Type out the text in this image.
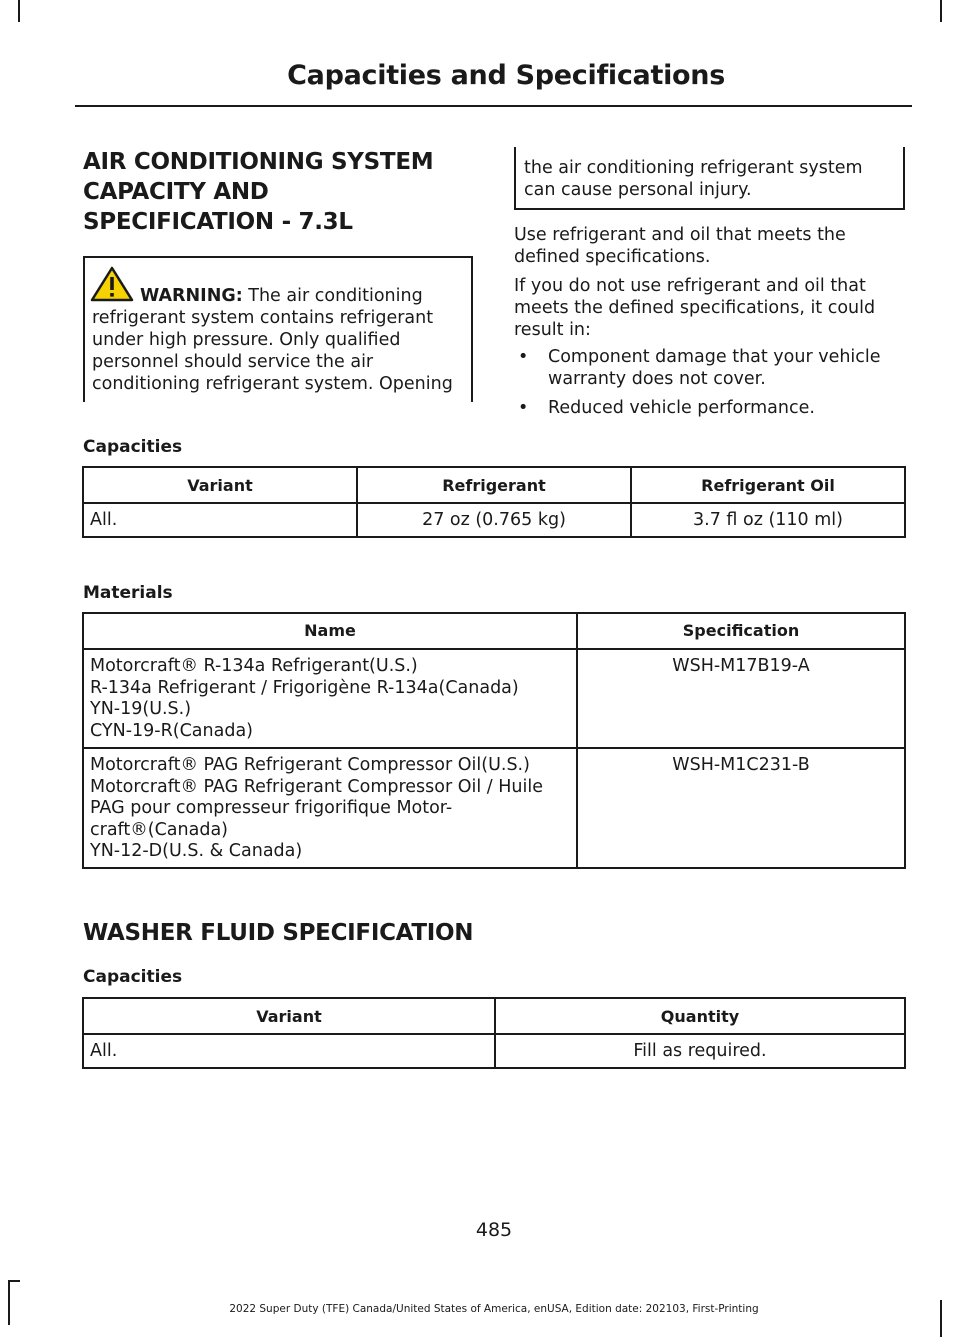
Capacities and Specifications
AIR CONDITIONING SYSTEM
CAPACITY AND
SPECIFICATION - 7.3L
WARNING: The air conditioning
refrigerant system contains refrigerant
under high pressure. Only qualified
personnel should service the air
conditioning refrigerant system. Opening
the air conditioning refrigerant system
can cause personal injury.
Use refrigerant and oil that meets the
defined specifications.
If you do not use refrigerant and oil that
meets the defined specifications, it could
result in:
• Component damage that your vehicle
warranty does not cover.
• Reduced vehicle performance.
Capacities
Variant	Refrigerant	Refrigerant Oil
All.	27 oz (0.765 kg)	3.7 fl oz (110 ml)
Materials
Name	Specification

Motorcraft® R-134a Refrigerant(U.S.)
R-134a Refrigerant / Frigorigène R-134a(Canada)
YN-19(U.S.)
CYN-19-R(Canada)	WSH-M17B19-A

Motorcraft® PAG Refrigerant Compressor Oil(U.S.)
Motorcraft® PAG Refrigerant Compressor Oil / Huile
PAG pour compresseur frigorifique Motor-
craft®(Canada)
YN-12-D(U.S. & Canada)	WSH-M1C231-B
WASHER FLUID SPECIFICATION
Capacities
Variant	Quantity
All.	Fill as required.
485
2022 Super Duty (TFE) Canada/United States of America, enUSA, Edition date: 202103, First-Printing
